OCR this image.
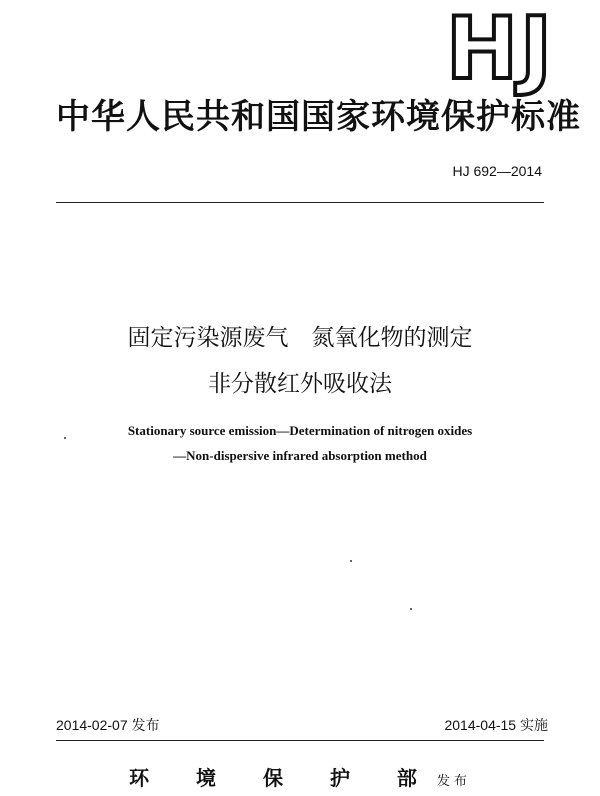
HJ
中华人民共和国国家环境保护标准
HJ 692—2014
固定污染源废气　氮氧化物的测定
非分散红外吸收法
Stationary source emission—Determination of nitrogen oxides
—Non-dispersive infrared absorption method
2014-02-07 发布	2014-04-15 实施
环 境 保 护 部发布
